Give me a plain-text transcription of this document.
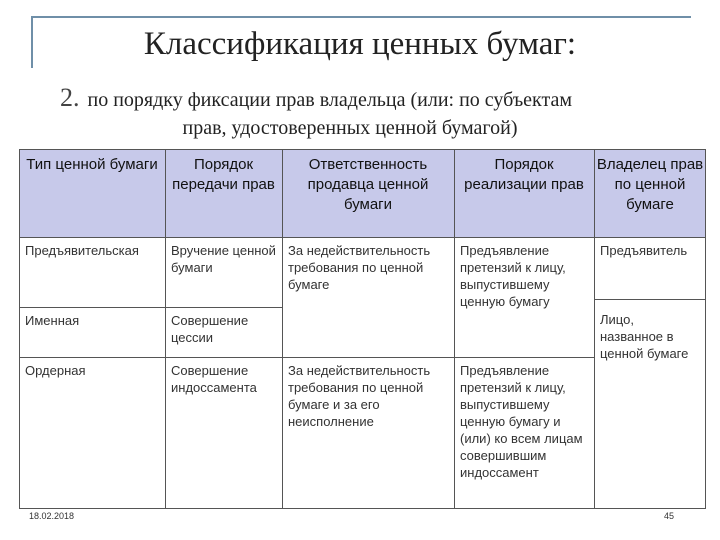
Классификация ценных бумаг:
2. по порядку фиксации прав владельца (или: по субъектам
прав, удостоверенных ценной бумагой)
Тип ценной бумаги	Порядок передачи прав
Ответственность продавца ценной бумаги
Порядок реализации прав
Владелец прав по ценной бумаге
Предъявительская
Именная
Ордерная
Вручение ценной бумаги
Совершение цессии
Совершение индоссамента
За недействительность требования по ценной бумаге
За недействительность требования по ценной бумаге и за его неисполнение
Предъявление претензий к лицу, выпустившему ценную бумагу
Предъявление претензий к лицу, выпустившему ценную бумагу и (или) ко всем лицам совершившим индоссамент
Предъявитель
Лицо, названное в ценной бумаге
18.02.2018	45
